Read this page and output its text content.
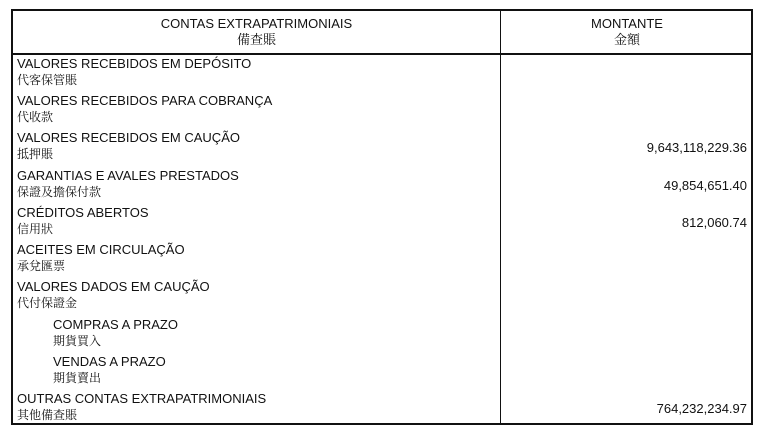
CONTAS EXTRAPATRIMONIAIS
備查賬
MONTANTE
金額
VALORES RECEBIDOS EM DEPÓSITO
代客保管賬
VALORES RECEBIDOS PARA COBRANÇA
代收款
VALORES RECEBIDOS EM CAUÇÃO
抵押賬	9,643,118,229.36
GARANTIAS E AVALES PRESTADOS
保證及擔保付款	49,854,651.40
CRÉDITOS ABERTOS
信用狀	812,060.74
ACEITES EM CIRCULAÇÃO
承兌匯票
VALORES DADOS EM CAUÇÃO
代付保證金
COMPRAS A PRAZO
期貨買入
VENDAS A PRAZO
期貨賣出
OUTRAS CONTAS EXTRAPATRIMONIAIS
其他備查賬	764,232,234.97
